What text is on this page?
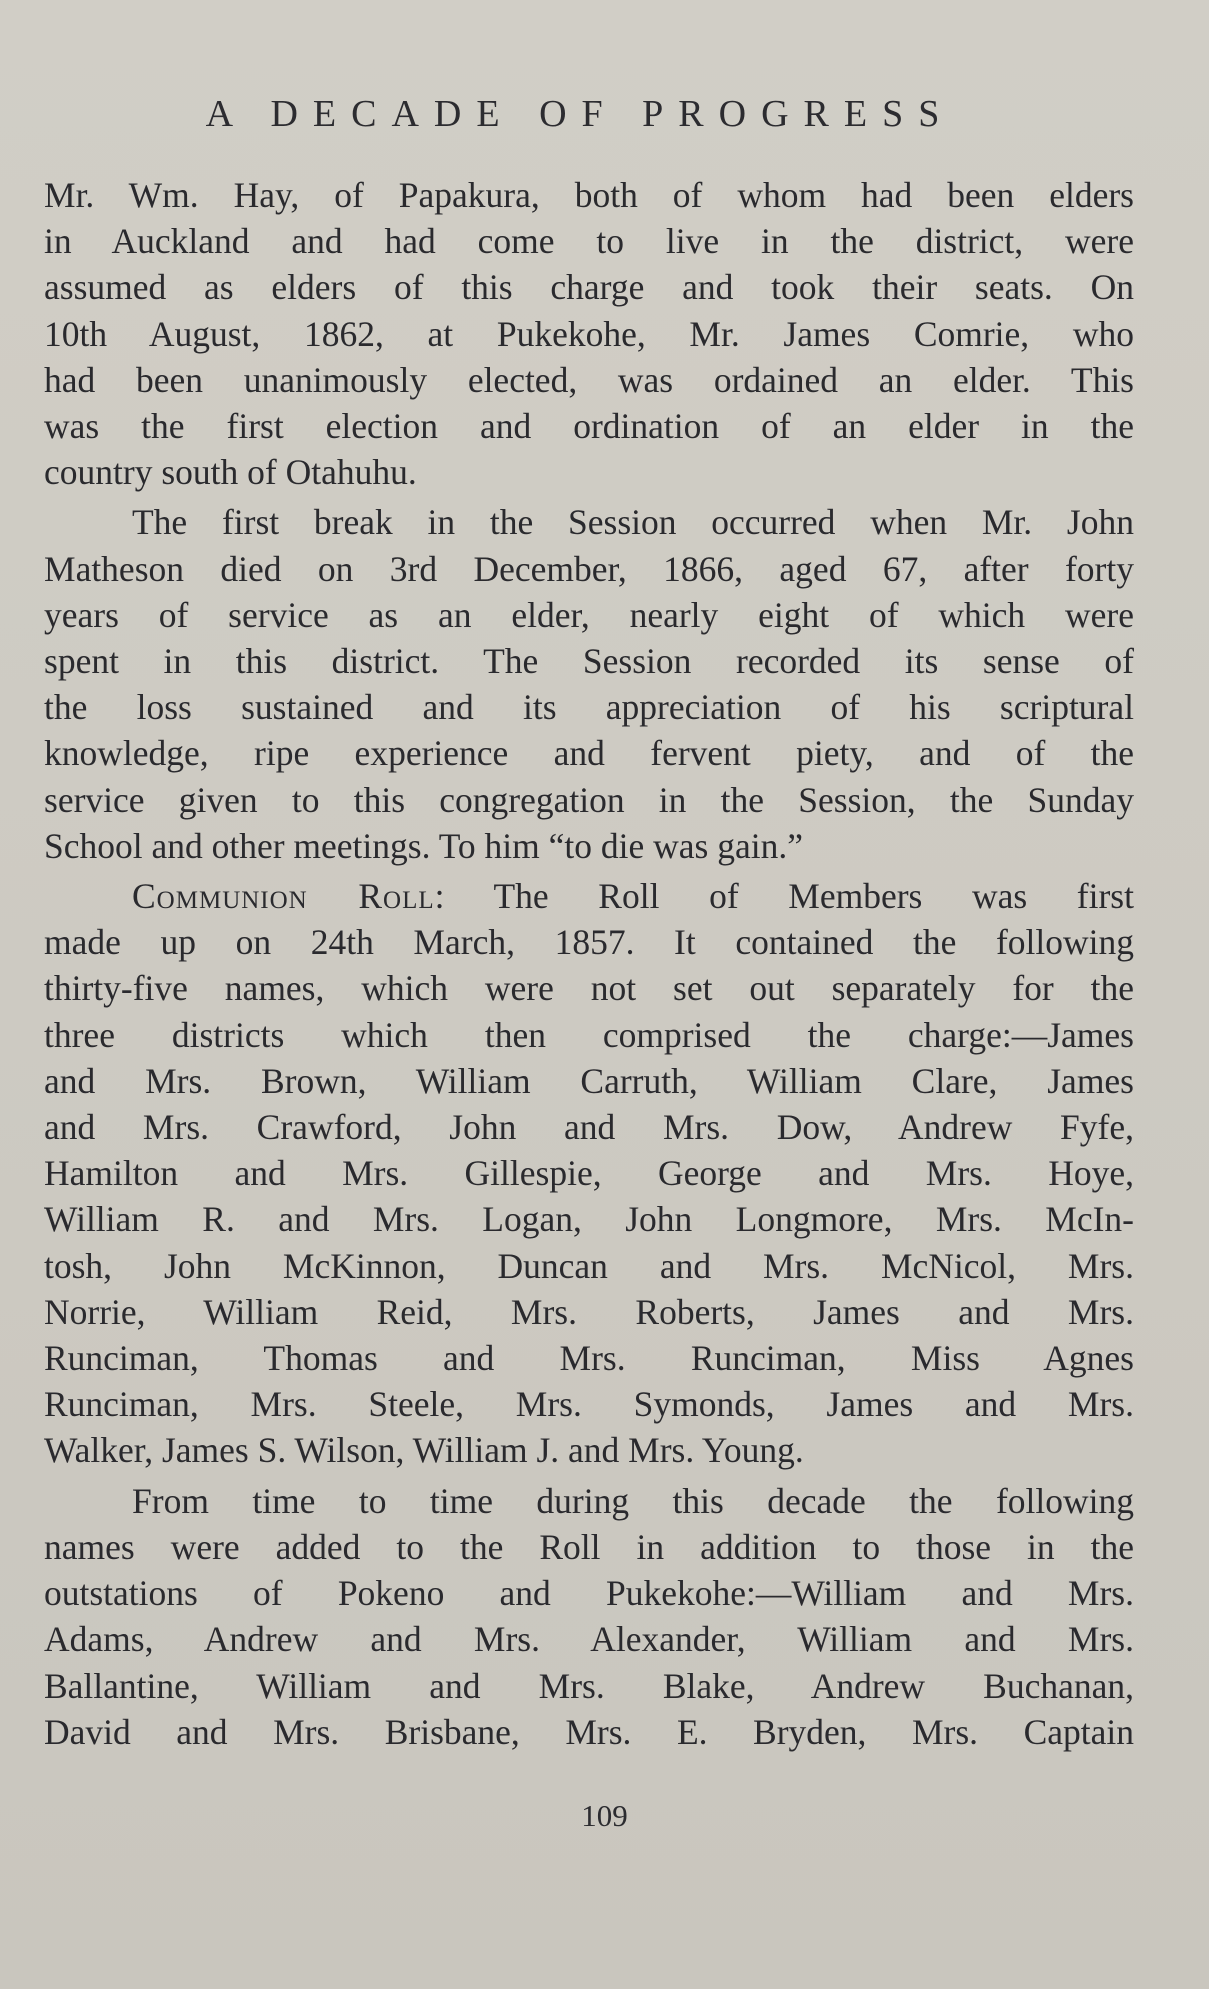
A DECADE OF PROGRESS

Mr. Wm. Hay, of Papakura, both of whom had been elders
in Auckland and had come to live in the district, were
assumed as elders of this charge and took their seats. On
10th August, 1862, at Pukekohe, Mr. James Comrie, who
had been unanimously elected, was ordained an elder. This
was the first election and ordination of an elder in the
country south of Otahuhu.

The first break in the Session occurred when Mr. John
Matheson died on 3rd December, 1866, aged 67, after forty
years of service as an elder, nearly eight of which were
spent in this district. The Session recorded its sense of
the loss sustained and its appreciation of his scriptural
knowledge, ripe experience and fervent piety, and of the
service given to this congregation in the Session, the Sunday
School and other meetings. To him “to die was gain.”

Communion Roll: The Roll of Members was first
made up on 24th March, 1857. It contained the following
thirty-five names, which were not set out separately for the
three districts which then comprised the charge:—James
and Mrs. Brown, William Carruth, William Clare, James
and Mrs. Crawford, John and Mrs. Dow, Andrew Fyfe,
Hamilton and Mrs. Gillespie, George and Mrs. Hoye,
William R. and Mrs. Logan, John Longmore, Mrs. McIn-
tosh, John McKinnon, Duncan and Mrs. McNicol, Mrs.
Norrie, William Reid, Mrs. Roberts, James and Mrs.
Runciman, Thomas and Mrs. Runciman, Miss Agnes
Runciman, Mrs. Steele, Mrs. Symonds, James and Mrs.
Walker, James S. Wilson, William J. and Mrs. Young.

From time to time during this decade the following
names were added to the Roll in addition to those in the
outstations of Pokeno and Pukekohe:—William and Mrs.
Adams, Andrew and Mrs. Alexander, William and Mrs.
Ballantine, William and Mrs. Blake, Andrew Buchanan,
David and Mrs. Brisbane, Mrs. E. Bryden, Mrs. Captain

109
